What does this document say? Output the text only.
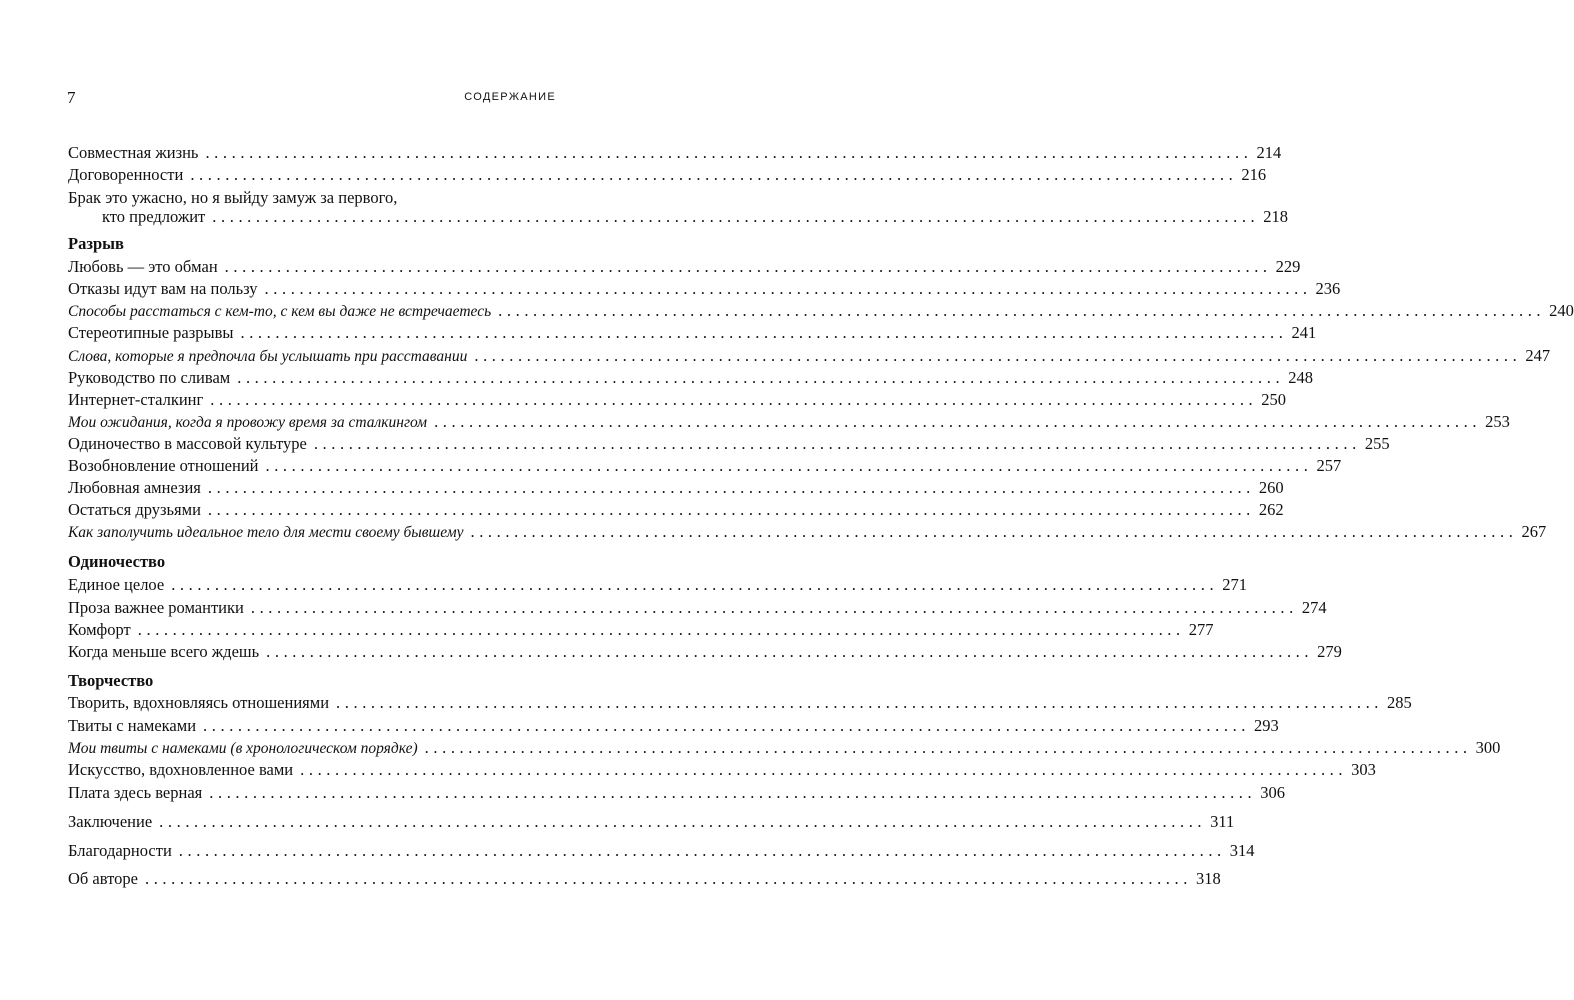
7	СОДЕРЖАНИЕ
Совместная жизнь ........................................................................................................................ 214
Договоренности ........................................................................................................................ 216
Брак это ужасно, но я выйду замуж за первого,
кто предложит ........................................................................................................................ 218
Разрыв
Любовь — это обман ........................................................................................................................ 229
Отказы идут вам на пользу ........................................................................................................................ 236
Способы расстаться с кем-то, с кем вы даже не встречаетесь ........................................................................................................................ 240
Стереотипные разрывы ........................................................................................................................ 241
Слова, которые я предпочла бы услышать при расставании ........................................................................................................................ 247
Руководство по сливам ........................................................................................................................ 248
Интернет-сталкинг ........................................................................................................................ 250
Мои ожидания, когда я провожу время за сталкингом ........................................................................................................................ 253
Одиночество в массовой культуре ........................................................................................................................ 255
Возобновление отношений ........................................................................................................................ 257
Любовная амнезия ........................................................................................................................ 260
Остаться друзьями ........................................................................................................................ 262
Как заполучить идеальное тело для мести своему бывшему ........................................................................................................................ 267
Одиночество
Единое целое ........................................................................................................................ 271
Проза важнее романтики ........................................................................................................................ 274
Комфорт ........................................................................................................................ 277
Когда меньше всего ждешь ........................................................................................................................ 279
Творчество
Творить, вдохновляясь отношениями ........................................................................................................................ 285
Твиты с намеками ........................................................................................................................ 293
Мои твиты с намеками (в хронологическом порядке) ........................................................................................................................ 300
Искусство, вдохновленное вами ........................................................................................................................ 303
Плата здесь верная ........................................................................................................................ 306
Заключение ........................................................................................................................ 311
Благодарности ........................................................................................................................ 314
Об авторе ........................................................................................................................ 318
